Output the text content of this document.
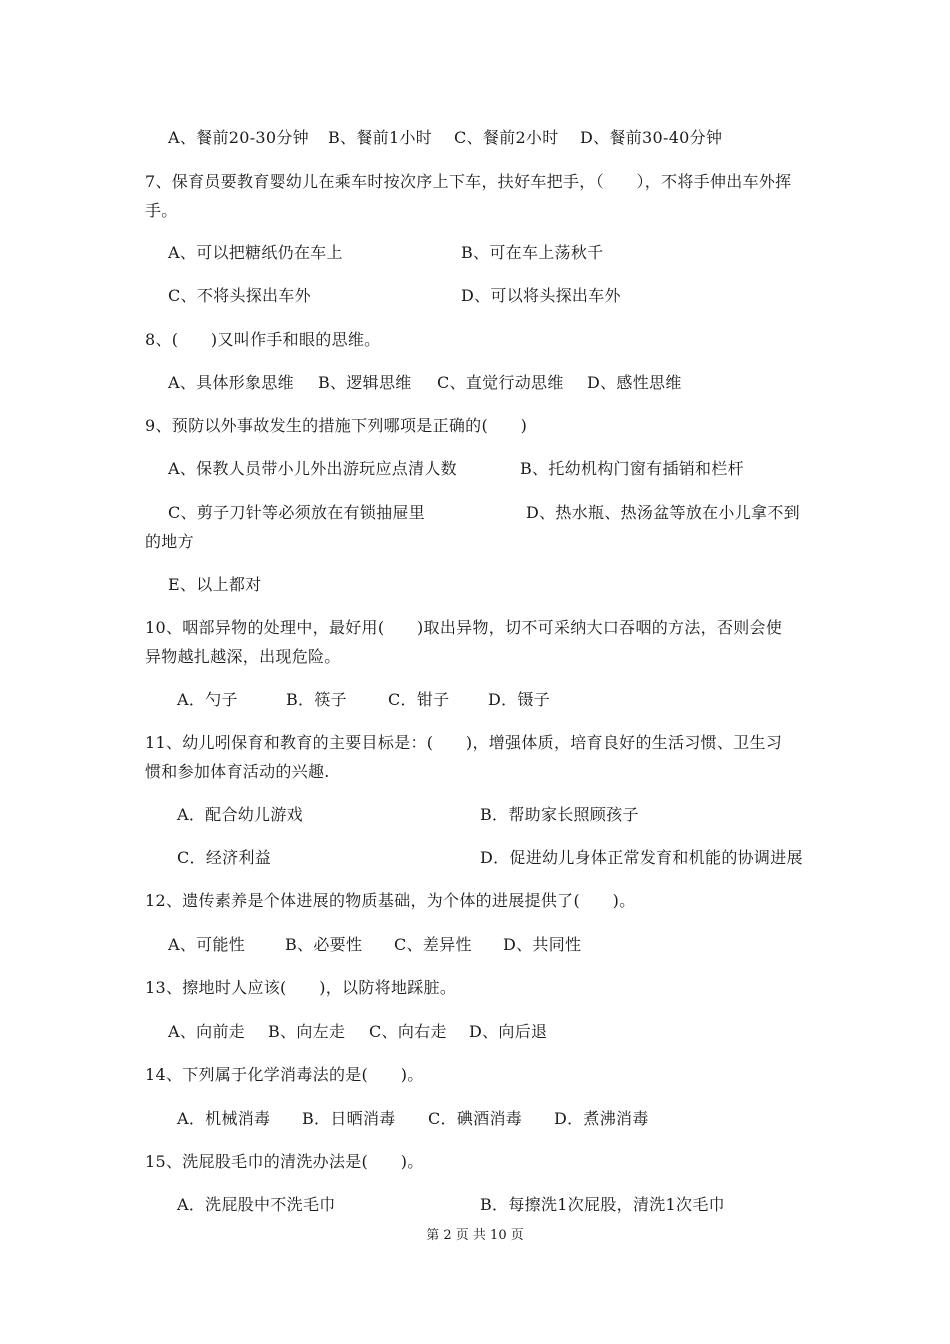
A、餐前20-30分钟 B、餐前1小时 C、餐前2小时 D、餐前30-40分钟
7、保育员要教育婴幼儿在乘车时按次序上下车，扶好车把手，（　　），不将手伸出车外挥
手。
A、可以把糖纸仍在车上	B、可在车上荡秋千
C、不将头探出车外	D、可以将头探出车外
8、(　　)又叫作手和眼的思维。
A、具体形象思维 B、逻辑思维 C、直觉行动思维 D、感性思维
9、预防以外事故发生的措施下列哪项是正确的(　　)
A、保教人员带小儿外出游玩应点清人数	B、托幼机构门窗有插销和栏杆
C、剪子刀针等必须放在有锁抽屉里	D、热水瓶、热汤盆等放在小儿拿不到
的地方
E、以上都对
10、咽部异物的处理中，最好用(　　)取出异物，切不可采纳大口吞咽的方法，否则会使
异物越扎越深，出现危险。
A．勺子	B．筷子	C．钳子 D．镊子
11、幼儿吲保育和教育的主要目标是：(　　)，增强体质，培育良好的生活习惯、卫生习
惯和参加体育活动的兴趣.
A．配合幼儿游戏	B．帮助家长照顾孩子
C．经济利益	D．促进幼儿身体正常发育和机能的协调进展
12、遗传素养是个体进展的物质基础，为个体的进展提供了(　　)。
A、可能性 B、必要性 C、差异性 D、共同性
13、擦地时人应该(　　)，以防将地踩脏。
A、向前走 B、向左走 C、向右走 D、向后退
14、下列属于化学消毒法的是(　　)。
A．机械消毒 B．日晒消毒 C．碘酒消毒 D．煮沸消毒
15、洗屁股毛巾的清洗办法是(　　)。
A．洗屁股中不洗毛巾	B．每擦洗1次屁股，清洗1次毛巾
第 2 页 共 10 页
